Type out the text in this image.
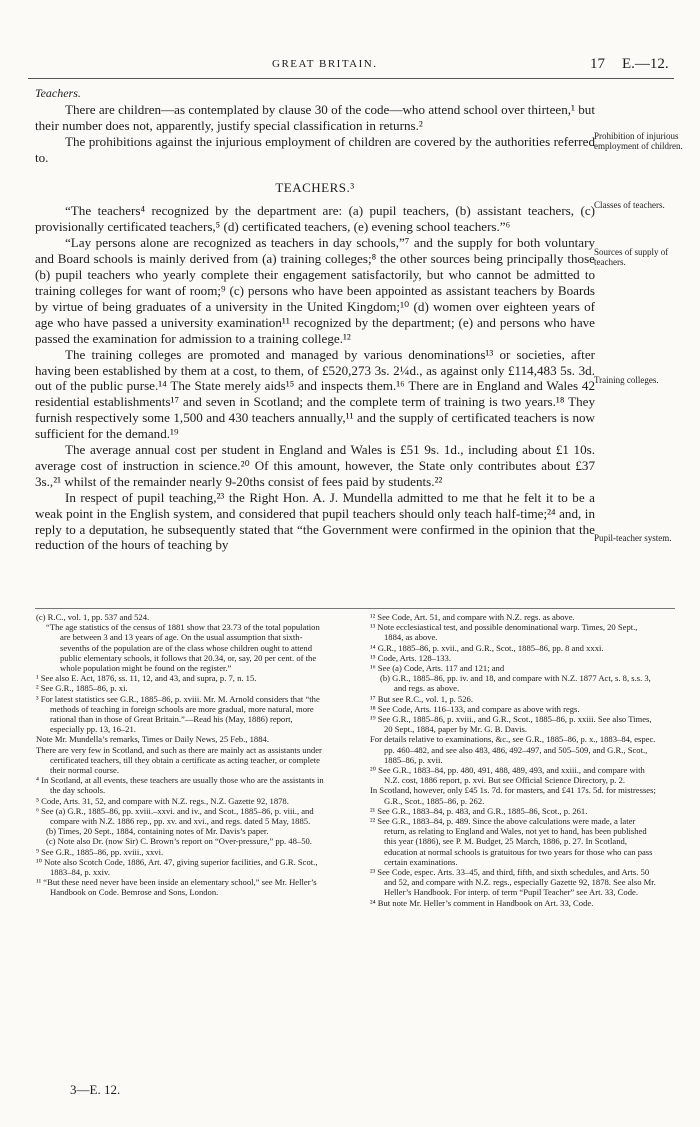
GREAT BRITAIN.	17 E.—12.

Teachers.

There are children—as contemplated by clause 30 of the code—who attend school over thirteen,¹ but their number does not, apparently, justify special classification in returns.²

The prohibitions against the injurious employment of children are covered by the authorities referred to.

TEACHERS.³

“The teachers⁴ recognized by the department are: (a) pupil teachers, (b) assistant teachers, (c) provisionally certificated teachers,⁵ (d) certificated teachers, (e) evening school teachers.”⁶

“Lay persons alone are recognized as teachers in day schools,”⁷ and the supply for both voluntary and Board schools is mainly derived from (a) training colleges;⁸ the other sources being principally those (b) pupil teachers who yearly complete their engagement satisfactorily, but who cannot be admitted to training colleges for want of room;⁹ (c) persons who have been appointed as assistant teachers by Boards by virtue of being graduates of a university in the United Kingdom;¹⁰ (d) women over eighteen years of age who have passed a university examination¹¹ recognized by the department; (e) and persons who have passed the examination for admission to a training college.¹²

The training colleges are promoted and managed by various denominations¹³ or societies, after having been established by them at a cost, to them, of £520,273 3s. 2¼d., as against only £114,483 5s. 3d. out of the public purse.¹⁴ The State merely aids¹⁵ and inspects them.¹⁶ There are in England and Wales 42 residential establishments¹⁷ and seven in Scotland; and the complete term of training is two years.¹⁸ They furnish respectively some 1,500 and 430 teachers annually,¹¹ and the supply of certificated teachers is now sufficient for the demand.¹⁹

The average annual cost per student in England and Wales is £51 9s. 1d., including about £1 10s. average cost of instruction in science.²⁰ Of this amount, however, the State only contributes about £37 3s.,²¹ whilst of the remainder nearly 9-20ths consist of fees paid by students.²²

In respect of pupil teaching,²³ the Right Hon. A. J. Mundella admitted to me that he felt it to be a weak point in the English system, and considered that pupil teachers should only teach half-time;²⁴ and, in reply to a deputation, he subsequently stated that “the Government were confirmed in the opinion that the reduction of the hours of teaching by

Prohibition of injurious employment of children.
Classes of teachers.
Sources of supply of teachers.
Training colleges.
Pupil-teacher system.

(c) R.C., vol. 1, pp. 537 and 524.

“The age statistics of the census of 1881 show that 23.73 of the total population are between 3 and 13 years of age. On the usual assumption that sixth-sevenths of the population are of the class whose children ought to attend public elementary schools, it follows that 20.34, or, say, 20 per cent. of the whole population might be found on the register.”

¹ See also E. Act, 1876, ss. 11, 12, and 43, and supra, p. 7, n. 15.

² See G.R., 1885–86, p. xi.

³ For latest statistics see G.R., 1885–86, p. xviii. Mr. M. Arnold considers that “the methods of teaching in foreign schools are more gradual, more natural, more rational than in those of Great Britain.”—Read his (May, 1886) report, especially pp. 13, 16–21.

Note Mr. Mundella’s remarks, Times or Daily News, 25 Feb., 1884.

There are very few in Scotland, and such as there are mainly act as assistants under certificated teachers, till they obtain a certificate as acting teacher, or complete their normal course.

⁴ In Scotland, at all events, these teachers are usually those who are the assistants in the day schools.

⁵ Code, Arts. 31, 52, and compare with N.Z. regs., N.Z. Gazette 92, 1878.

⁶ See (a) G.R., 1885–86, pp. xviii.–xxvi. and iv., and Scot., 1885–86, p. viii., and compare with N.Z. 1886 rep., pp. xv. and xvi., and regs. dated 5 May, 1885.

(b) Times, 20 Sept., 1884, containing notes of Mr. Davis’s paper.

(c) Note also Dr. (now Sir) C. Brown’s report on “Over-pressure,” pp. 48–50.

⁹ See G.R., 1885–86, pp. xviii., xxvi.

¹⁰ Note also Scotch Code, 1886, Art. 47, giving superior facilities, and G.R. Scot., 1883–84, p. xxiv.

¹¹ “But these need never have been inside an elementary school,” see Mr. Heller’s Handbook on Code. Bemrose and Sons, London.

¹² See Code, Art. 51, and compare with N.Z. regs. as above.

¹³ Note ecclesiastical test, and possible denominational warp. Times, 20 Sept., 1884, as above.

¹⁴ G.R., 1885–86, p. xvii., and G.R., Scot., 1885–86, pp. 8 and xxxi.

¹⁵ Code, Arts. 128–133.

¹⁶ See (a) Code, Arts. 117 and 121; and

(b) G.R., 1885–86, pp. iv. and 18, and compare with N.Z. 1877 Act, s. 8, s.s. 3, and regs. as above.

¹⁷ But see R.C., vol. 1, p. 526.

¹⁸ See Code, Arts. 116–133, and compare as above with regs.

¹⁹ See G.R., 1885–86, p. xviii., and G.R., Scot., 1885–86, p. xxiii. See also Times, 20 Sept., 1884, paper by Mr. G. B. Davis.

For details relative to examinations, &c., see G.R., 1885–86, p. x., 1883–84, espec. pp. 460–482, and see also 483, 486, 492–497, and 505–509, and G.R., Scot., 1885–86, p. xvii.

²⁰ See G.R., 1883–84, pp. 480, 491, 488, 489, 493, and xxiii., and compare with N.Z. cost, 1886 report, p. xvi. But see Official Science Directory, p. 2.

In Scotland, however, only £45 1s. 7d. for masters, and £41 17s. 5d. for mistresses; G.R., Scot., 1885–86, p. 262.

²¹ See G.R., 1883–84, p. 483, and G.R., 1885–86, Scot., p. 261.

²² See G.R., 1883–84, p. 489. Since the above calculations were made, a later return, as relating to England and Wales, not yet to hand, has been published this year (1886), see P. M. Budget, 25 March, 1886, p. 27. In Scotland, education at normal schools is gratuitous for two years for those who can pass certain examinations.

²³ See Code, espec. Arts. 33–45, and third, fifth, and sixth schedules, and Arts. 50 and 52, and compare with N.Z. regs., especially Gazette 92, 1878. See also Mr. Heller’s Handbook. For interp. of term “Pupil Teacher” see Art. 33, Code.

²⁴ But note Mr. Heller’s comment in Handbook on Art. 33, Code.

3—E. 12.
